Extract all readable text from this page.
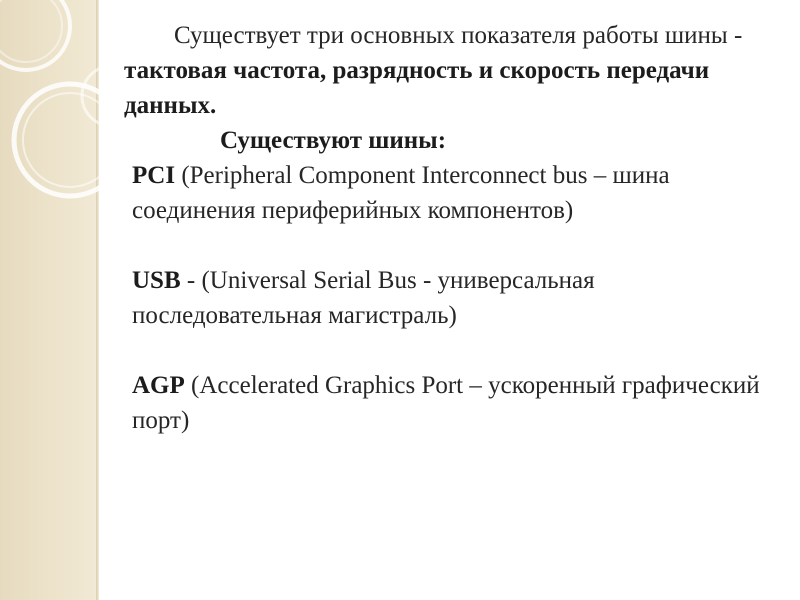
Существует три основных показателя работы шины - тактовая частота, разрядность и скорость передачи данных.

Существуют шины:

PCI (Peripheral Component Interconnect bus – шина соединения периферийных компонентов)

USB - (Universal Serial Bus - универсальная последовательная магистраль)

AGP (Accelerated Graphics Port – ускоренный графический порт)
